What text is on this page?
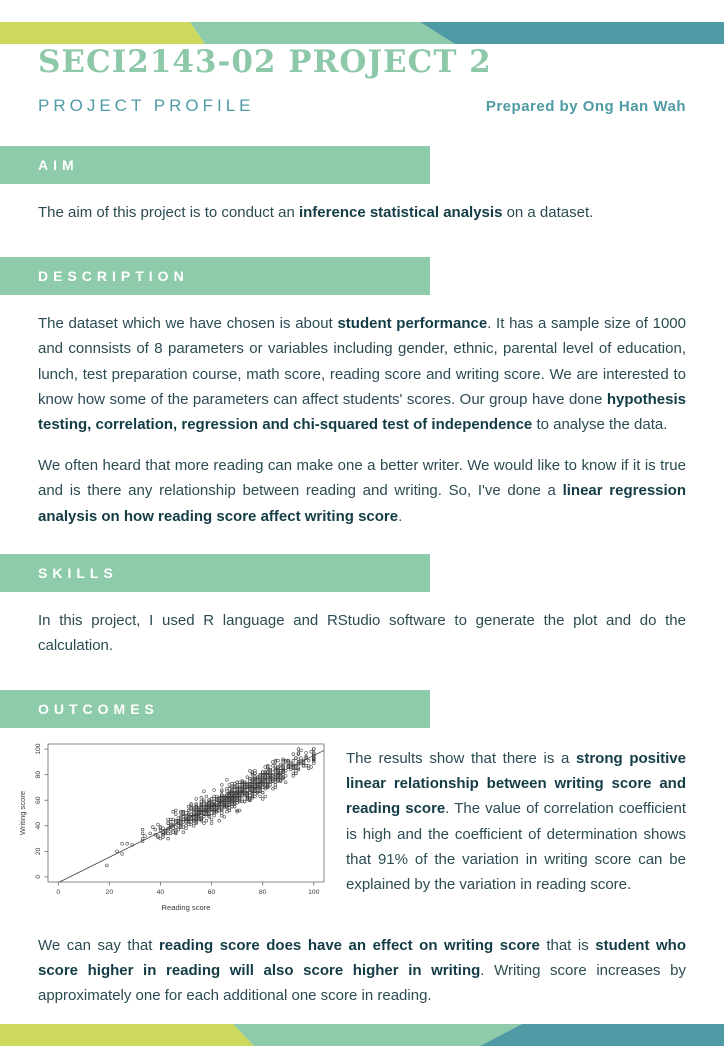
SECI2143-02 PROJECT 2
PROJECT PROFILE	Prepared by Ong Han Wah
AIM

The aim of this project is to conduct an inference statistical analysis on a dataset.

DESCRIPTION

The dataset which we have chosen is about student performance. It has a sample size of 1000 and connsists of 8 parameters or variables including gender, ethnic, parental level of education, lunch, test preparation course, math score, reading score and writing score. We are interested to know how some of the parameters can affect students' scores. Our group have done hypothesis testing, correlation, regression and chi-squared test of independence to analyse the data.

We often heard that more reading can make one a better writer. We would like to know if it is true and is there any relationship between reading and writing. So, I've done a linear regression analysis on how reading score affect writing score.

SKILLS

In this project, I used R language and RStudio software to generate the plot and do the calculation.

OUTCOMES
0	20	40	60	80	100
0
20
40
60
80
100
Reading score
Writing score

The results show that there is a strong positive linear relationship between writing score and reading score. The value of correlation coefficient is high and the coefficient of determination shows that 91% of the variation in writing score can be explained by the variation in reading score.

We can say that reading score does have an effect on writing score that is student who score higher in reading will also score higher in writing. Writing score increases by approximately one for each additional one score in reading.
